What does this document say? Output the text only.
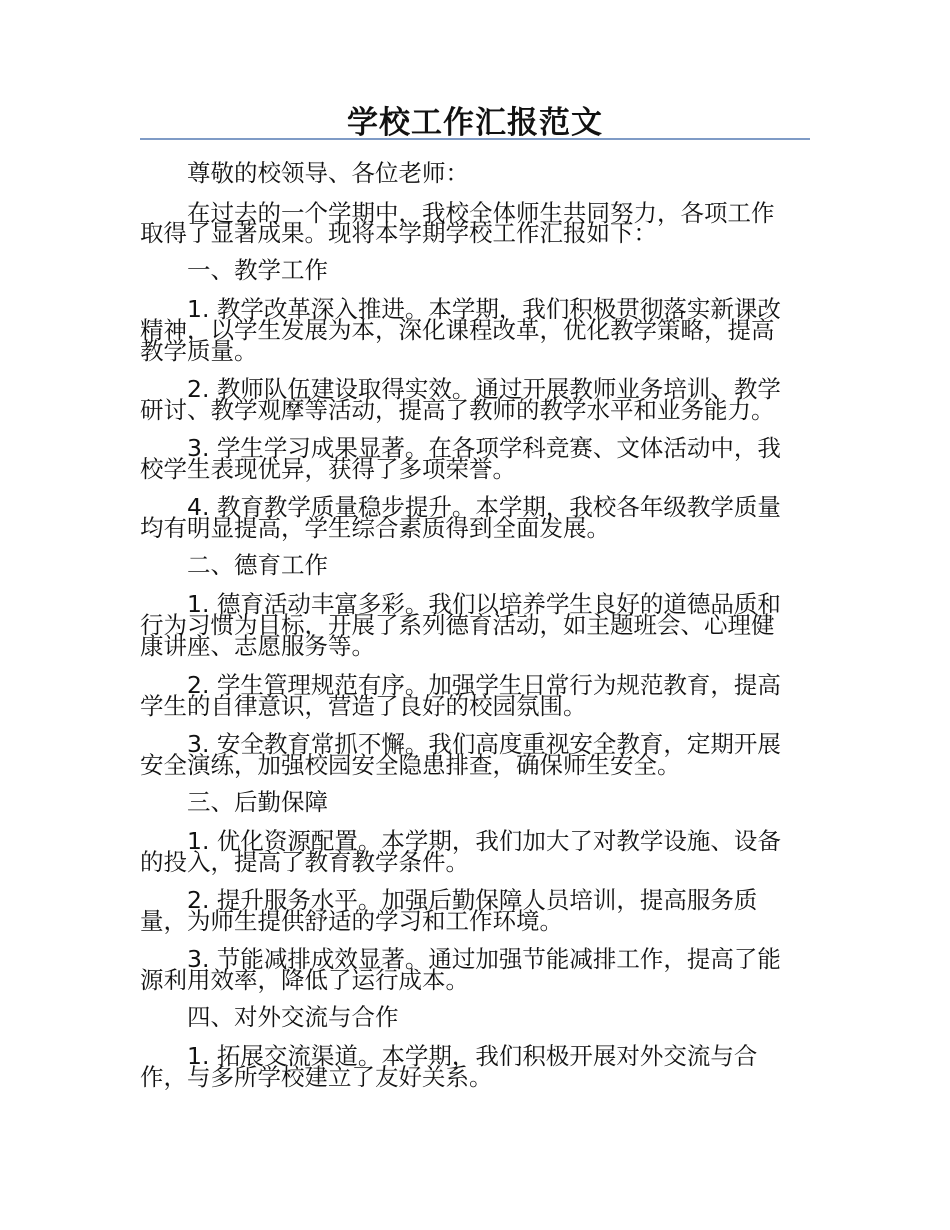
学校工作汇报范文

尊敬的校领导、各位老师：

在过去的一个学期中，我校全体师生共同努力，各项工作

取得了显著成果。现将本学期学校工作汇报如下：

一、教学工作

1. 教学改革深入推进。本学期，我们积极贯彻落实新课改

精神，以学生发展为本，深化课程改革，优化教学策略，提高

教学质量。

2. 教师队伍建设取得实效。通过开展教师业务培训、教学

研讨、教学观摩等活动，提高了教师的教学水平和业务能力。

3. 学生学习成果显著。在各项学科竞赛、文体活动中，我

校学生表现优异，获得了多项荣誉。

4. 教育教学质量稳步提升。本学期，我校各年级教学质量

均有明显提高，学生综合素质得到全面发展。

二、德育工作

1. 德育活动丰富多彩。我们以培养学生良好的道德品质和

行为习惯为目标，开展了系列德育活动，如主题班会、心理健

康讲座、志愿服务等。

2. 学生管理规范有序。加强学生日常行为规范教育，提高

学生的自律意识，营造了良好的校园氛围。

3. 安全教育常抓不懈。我们高度重视安全教育，定期开展

安全演练，加强校园安全隐患排查，确保师生安全。

三、后勤保障

1. 优化资源配置。本学期，我们加大了对教学设施、设备

的投入，提高了教育教学条件。

2. 提升服务水平。加强后勤保障人员培训，提高服务质

量，为师生提供舒适的学习和工作环境。

3. 节能减排成效显著。通过加强节能减排工作，提高了能

源利用效率，降低了运行成本。

四、对外交流与合作

1. 拓展交流渠道。本学期，我们积极开展对外交流与合

作，与多所学校建立了友好关系。
